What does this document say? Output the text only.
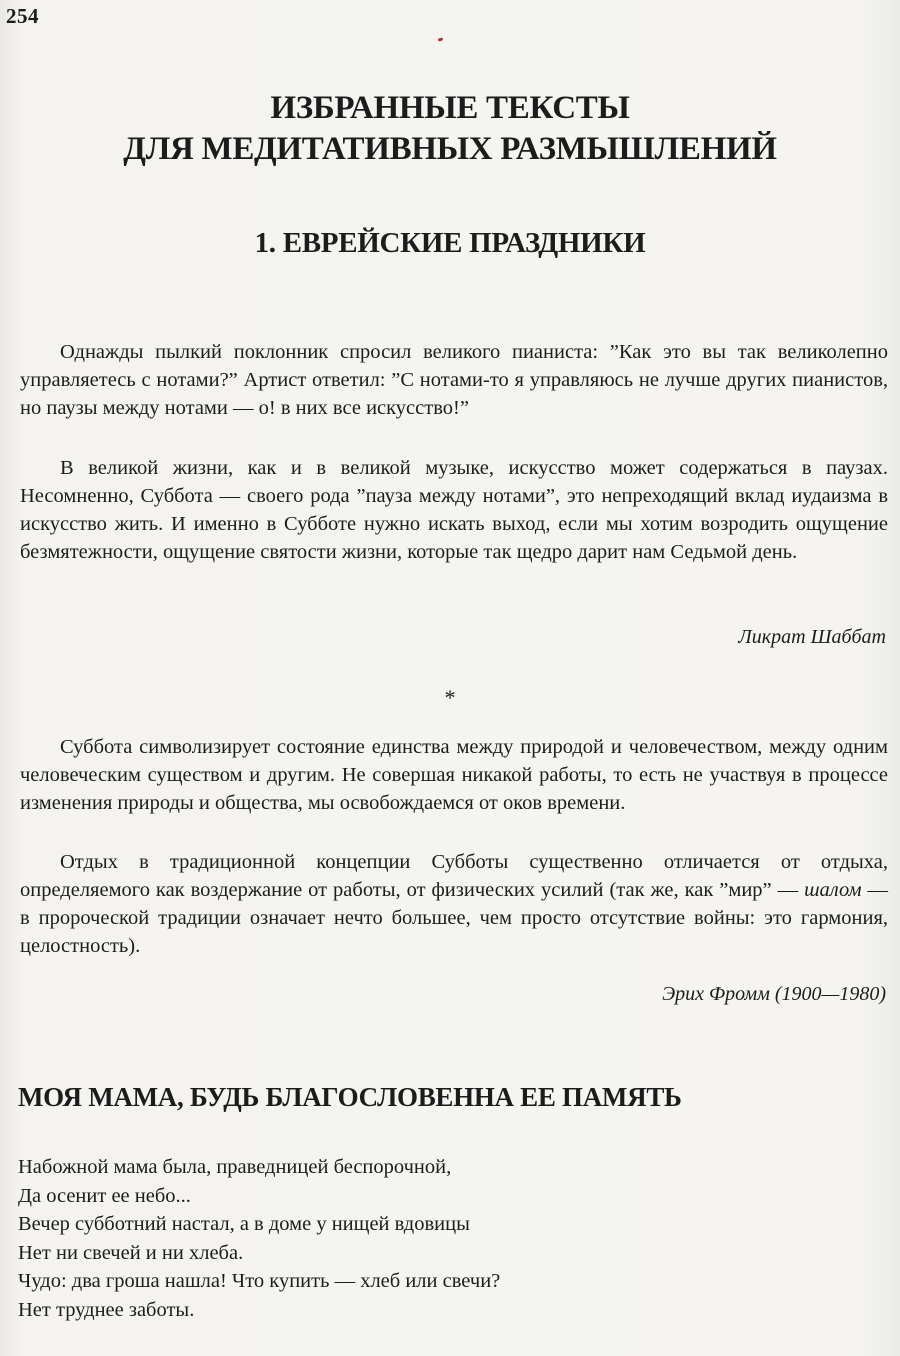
254
ИЗБРАННЫЕ ТЕКСТЫ
ДЛЯ МЕДИТАТИВНЫХ РАЗМЫШЛЕНИЙ
1. ЕВРЕЙСКИЕ ПРАЗДНИКИ

Однажды пылкий поклонник спросил великого пианиста: ”Как это вы так великолепно управляетесь с нотами?” Артист ответил: ”С нотами-то я управляюсь не лучше других пианистов, но паузы между нотами — о! в них все искусство!”

В великой жизни, как и в великой музыке, искусство может содержаться в паузах. Несомненно, Суббота — своего рода ”пауза между нотами”, это непреходящий вклад иудаизма в искусство жить. И именно в Субботе нужно искать выход, если мы хотим возродить ощущение безмятежности, ощущение святости жизни, которые так щедро дарит нам Седьмой день.

Ликрат Шаббат

*

Суббота символизирует состояние единства между природой и человечеством, между одним человеческим существом и другим. Не совершая никакой работы, то есть не участвуя в процессе изменения природы и общества, мы освобождаемся от оков времени.

Отдых в традиционной концепции Субботы существенно отличается от отдыха, определяемого как воздержание от работы, от физических усилий (так же, как ”мир” — шалом — в пророческой традиции означает нечто большее, чем просто отсутствие войны: это гармония, целостность).

Эрих Фромм (1900—1980)

МОЯ МАМА, БУДЬ БЛАГОСЛОВЕННА ЕЕ ПАМЯТЬ
Набожной мама была, праведницей беспорочной,
Да осенит ее небо...
Вечер субботний настал, а в доме у нищей вдовицы
Нет ни свечей и ни хлеба.
Чудо: два гроша нашла! Что купить — хлеб или свечи?
Нет труднее заботы.
